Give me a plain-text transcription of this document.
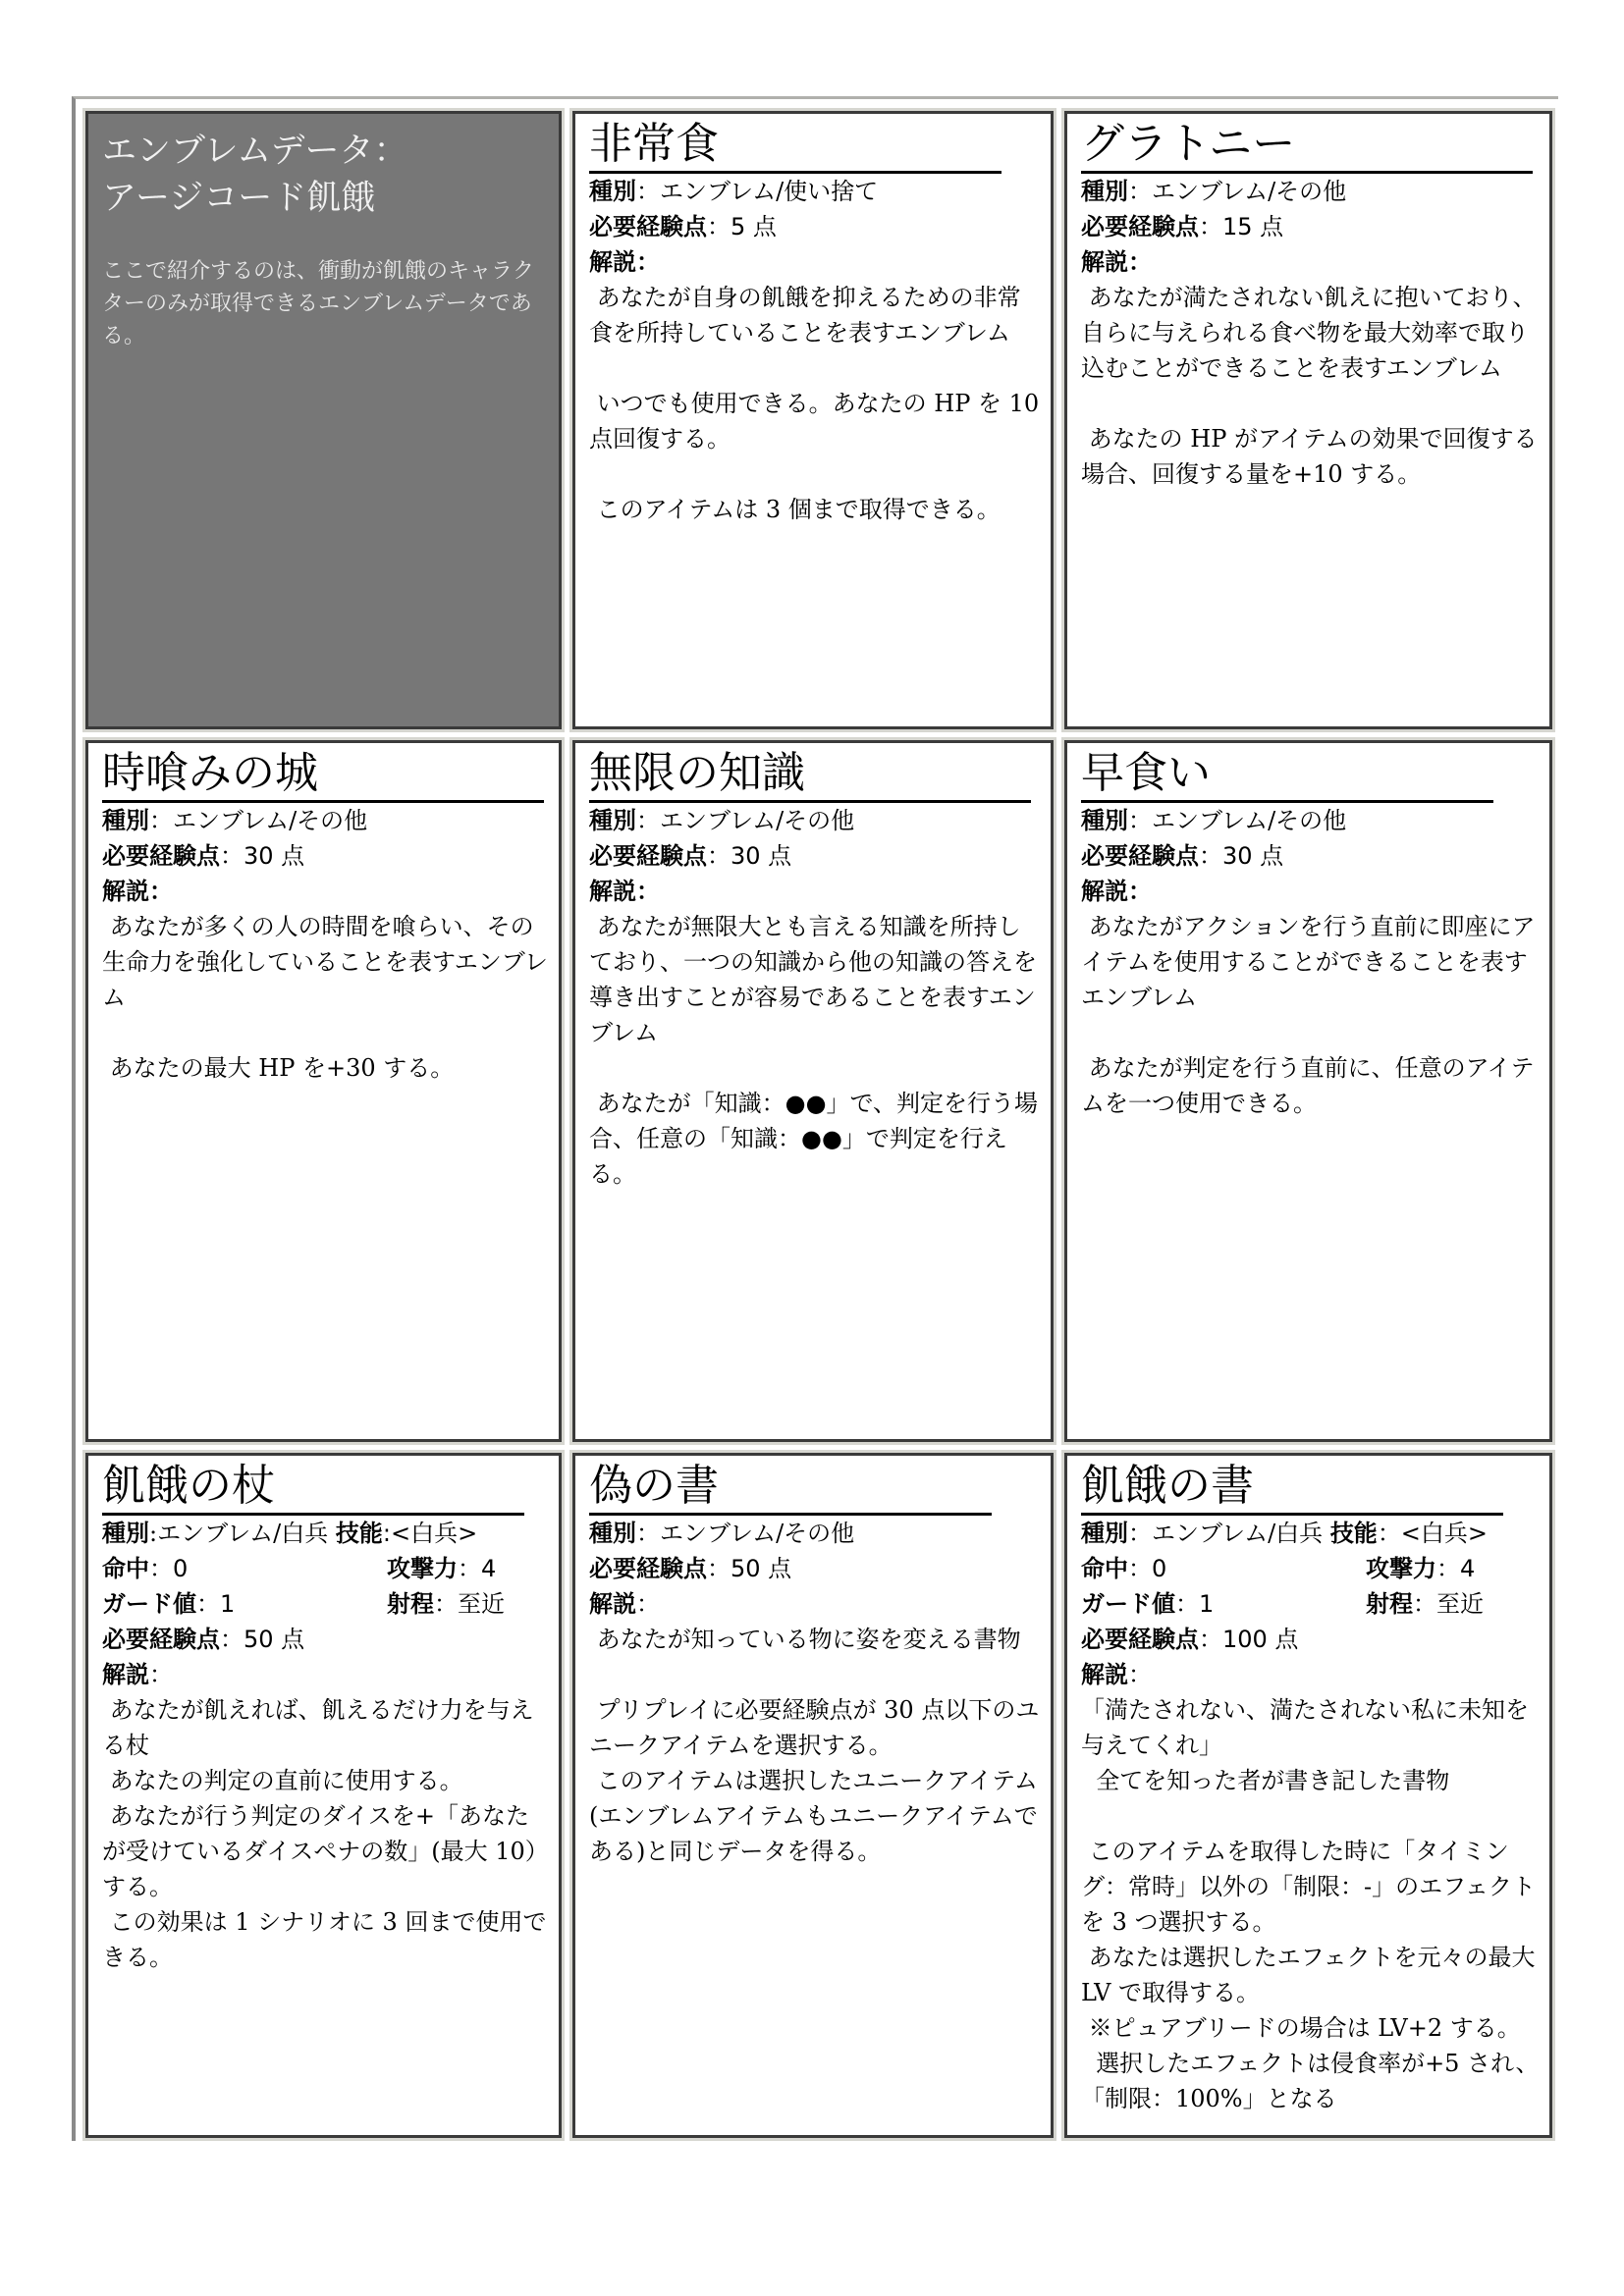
エンブレムデータ：
アージコード飢餓
ここで紹介するのは、衝動が飢餓のキャラクターのみが取得できるエンブレムデータである。
非常食
種別：エンブレム/使い捨て
必要経験点：5 点
解説：
あなたが自身の飢餓を抑えるための非常食を所持していることを表すエンブレム

いつでも使用できる。あなたの HP を 10 点回復する。

このアイテムは 3 個まで取得できる。
グラトニー
種別：エンブレム/その他
必要経験点：15 点
解説：
あなたが満たされない飢えに抱いており、自らに与えられる食べ物を最大効率で取り込むことができることを表すエンブレム

あなたの HP がアイテムの効果で回復する場合、回復する量を+10 する。
時喰みの城
種別：エンブレム/その他
必要経験点：30 点
解説：
あなたが多くの人の時間を喰らい、その生命力を強化していることを表すエンブレム

あなたの最大 HP を+30 する。
無限の知識
種別：エンブレム/その他
必要経験点：30 点
解説：
あなたが無限大とも言える知識を所持しており、一つの知識から他の知識の答えを導き出すことが容易であることを表すエンブレム

あなたが「知識：●●」で、判定を行う場合、任意の「知識：●●」で判定を行える。
早食い
種別：エンブレム/その他
必要経験点：30 点
解説：
あなたがアクションを行う直前に即座にアイテムを使用することができることを表すエンブレム

あなたが判定を行う直前に、任意のアイテムを一つ使用できる。
飢餓の杖
種別:エンブレム/白兵 技能:<白兵>
命中：0	攻撃力：4
ガード値：1	射程：至近
必要経験点：50 点
解説：
あなたが飢えれば、飢えるだけ力を与える杖
あなたの判定の直前に使用する。
あなたが行う判定のダイスを+「あなたが受けているダイスペナの数」(最大 10）する。
この効果は 1 シナリオに 3 回まで使用できる。
偽の書
種別：エンブレム/その他
必要経験点：50 点
解説：
あなたが知っている物に姿を変える書物

プリプレイに必要経験点が 30 点以下のユニークアイテムを選択する。
このアイテムは選択したユニークアイテム(エンブレムアイテムもユニークアイテムである)と同じデータを得る。
飢餓の書
種別：エンブレム/白兵 技能：<白兵>
命中：0	攻撃力：4
ガード値：1	射程：至近
必要経験点：100 点
解説：
「満たされない、満たされない私に未知を与えてくれ」
全てを知った者が書き記した書物

このアイテムを取得した時に「タイミング：常時」以外の「制限：-」のエフェクトを 3 つ選択する。
あなたは選択したエフェクトを元々の最大 LV で取得する。
※ピュアブリードの場合は LV+2 する。
選択したエフェクトは侵食率が+5 され、「制限：100%」となる
